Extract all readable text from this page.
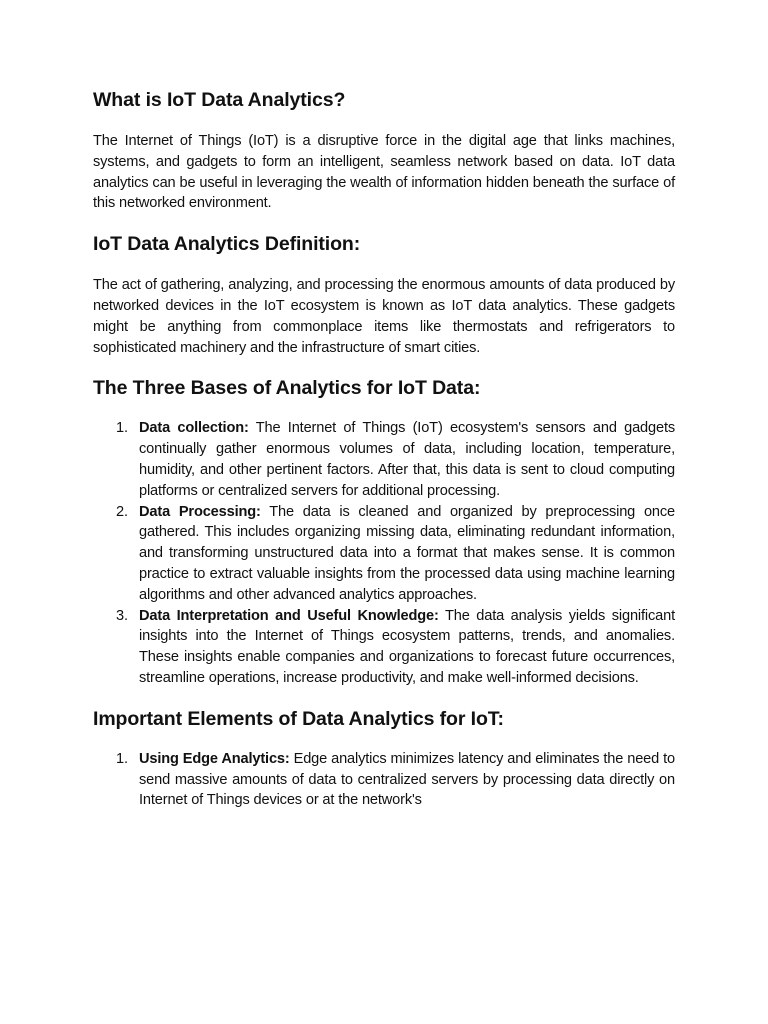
What is IoT Data Analytics?

The Internet of Things (IoT) is a disruptive force in the digital age that links machines, systems, and gadgets to form an intelligent, seamless network based on data. IoT data analytics can be useful in leveraging the wealth of information hidden beneath the surface of this networked environment.

IoT Data Analytics Definition:

The act of gathering, analyzing, and processing the enormous amounts of data produced by networked devices in the IoT ecosystem is known as IoT data analytics. These gadgets might be anything from commonplace items like thermostats and refrigerators to sophisticated machinery and the infrastructure of smart cities.

The Three Bases of Analytics for IoT Data:
1. Data collection: The Internet of Things (IoT) ecosystem's sensors and gadgets continually gather enormous volumes of data, including location, temperature, humidity, and other pertinent factors. After that, this data is sent to cloud computing platforms or centralized servers for additional processing.
2. Data Processing: The data is cleaned and organized by preprocessing once gathered. This includes organizing missing data, eliminating redundant information, and transforming unstructured data into a format that makes sense. It is common practice to extract valuable insights from the processed data using machine learning algorithms and other advanced analytics approaches.
3. Data Interpretation and Useful Knowledge: The data analysis yields significant insights into the Internet of Things ecosystem patterns, trends, and anomalies. These insights enable companies and organizations to forecast future occurrences, streamline operations, increase productivity, and make well-informed decisions.
Important Elements of Data Analytics for IoT:
1. Using Edge Analytics: Edge analytics minimizes latency and eliminates the need to send massive amounts of data to centralized servers by processing data directly on Internet of Things devices or at the network's
